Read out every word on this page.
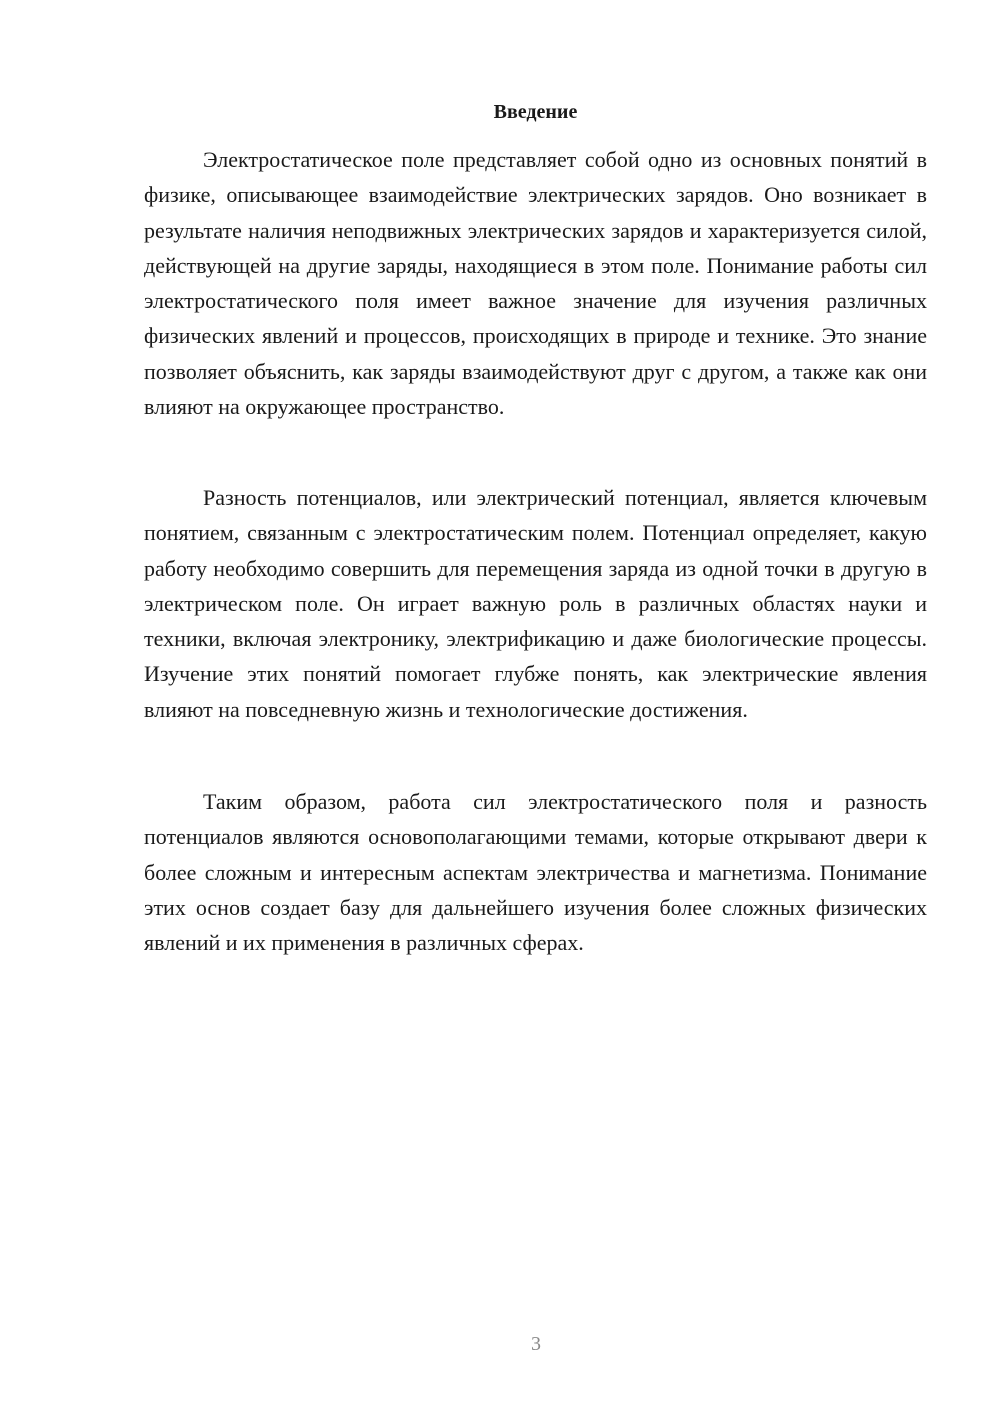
Введение

Электростатическое поле представляет собой одно из основных понятий в физике, описывающее взаимодействие электрических зарядов. Оно возникает в результате наличия неподвижных электрических зарядов и характеризуется силой, действующей на другие заряды, находящиеся в этом поле. Понимание работы сил электростатического поля имеет важное значение для изучения различных физических явлений и процессов, происходящих в природе и технике. Это знание позволяет объяснить, как заряды взаимодействуют друг с другом, а также как они влияют на окружающее пространство.

Разность потенциалов, или электрический потенциал, является ключевым понятием, связанным с электростатическим полем. Потенциал определяет, какую работу необходимо совершить для перемещения заряда из одной точки в другую в электрическом поле. Он играет важную роль в различных областях науки и техники, включая электронику, электрификацию и даже биологические процессы. Изучение этих понятий помогает глубже понять, как электрические явления влияют на повседневную жизнь и технологические достижения.

Таким образом, работа сил электростатического поля и разность потенциалов являются основополагающими темами, которые открывают двери к более сложным и интересным аспектам электричества и магнетизма. Понимание этих основ создает базу для дальнейшего изучения более сложных физических явлений и их применения в различных сферах.

3
